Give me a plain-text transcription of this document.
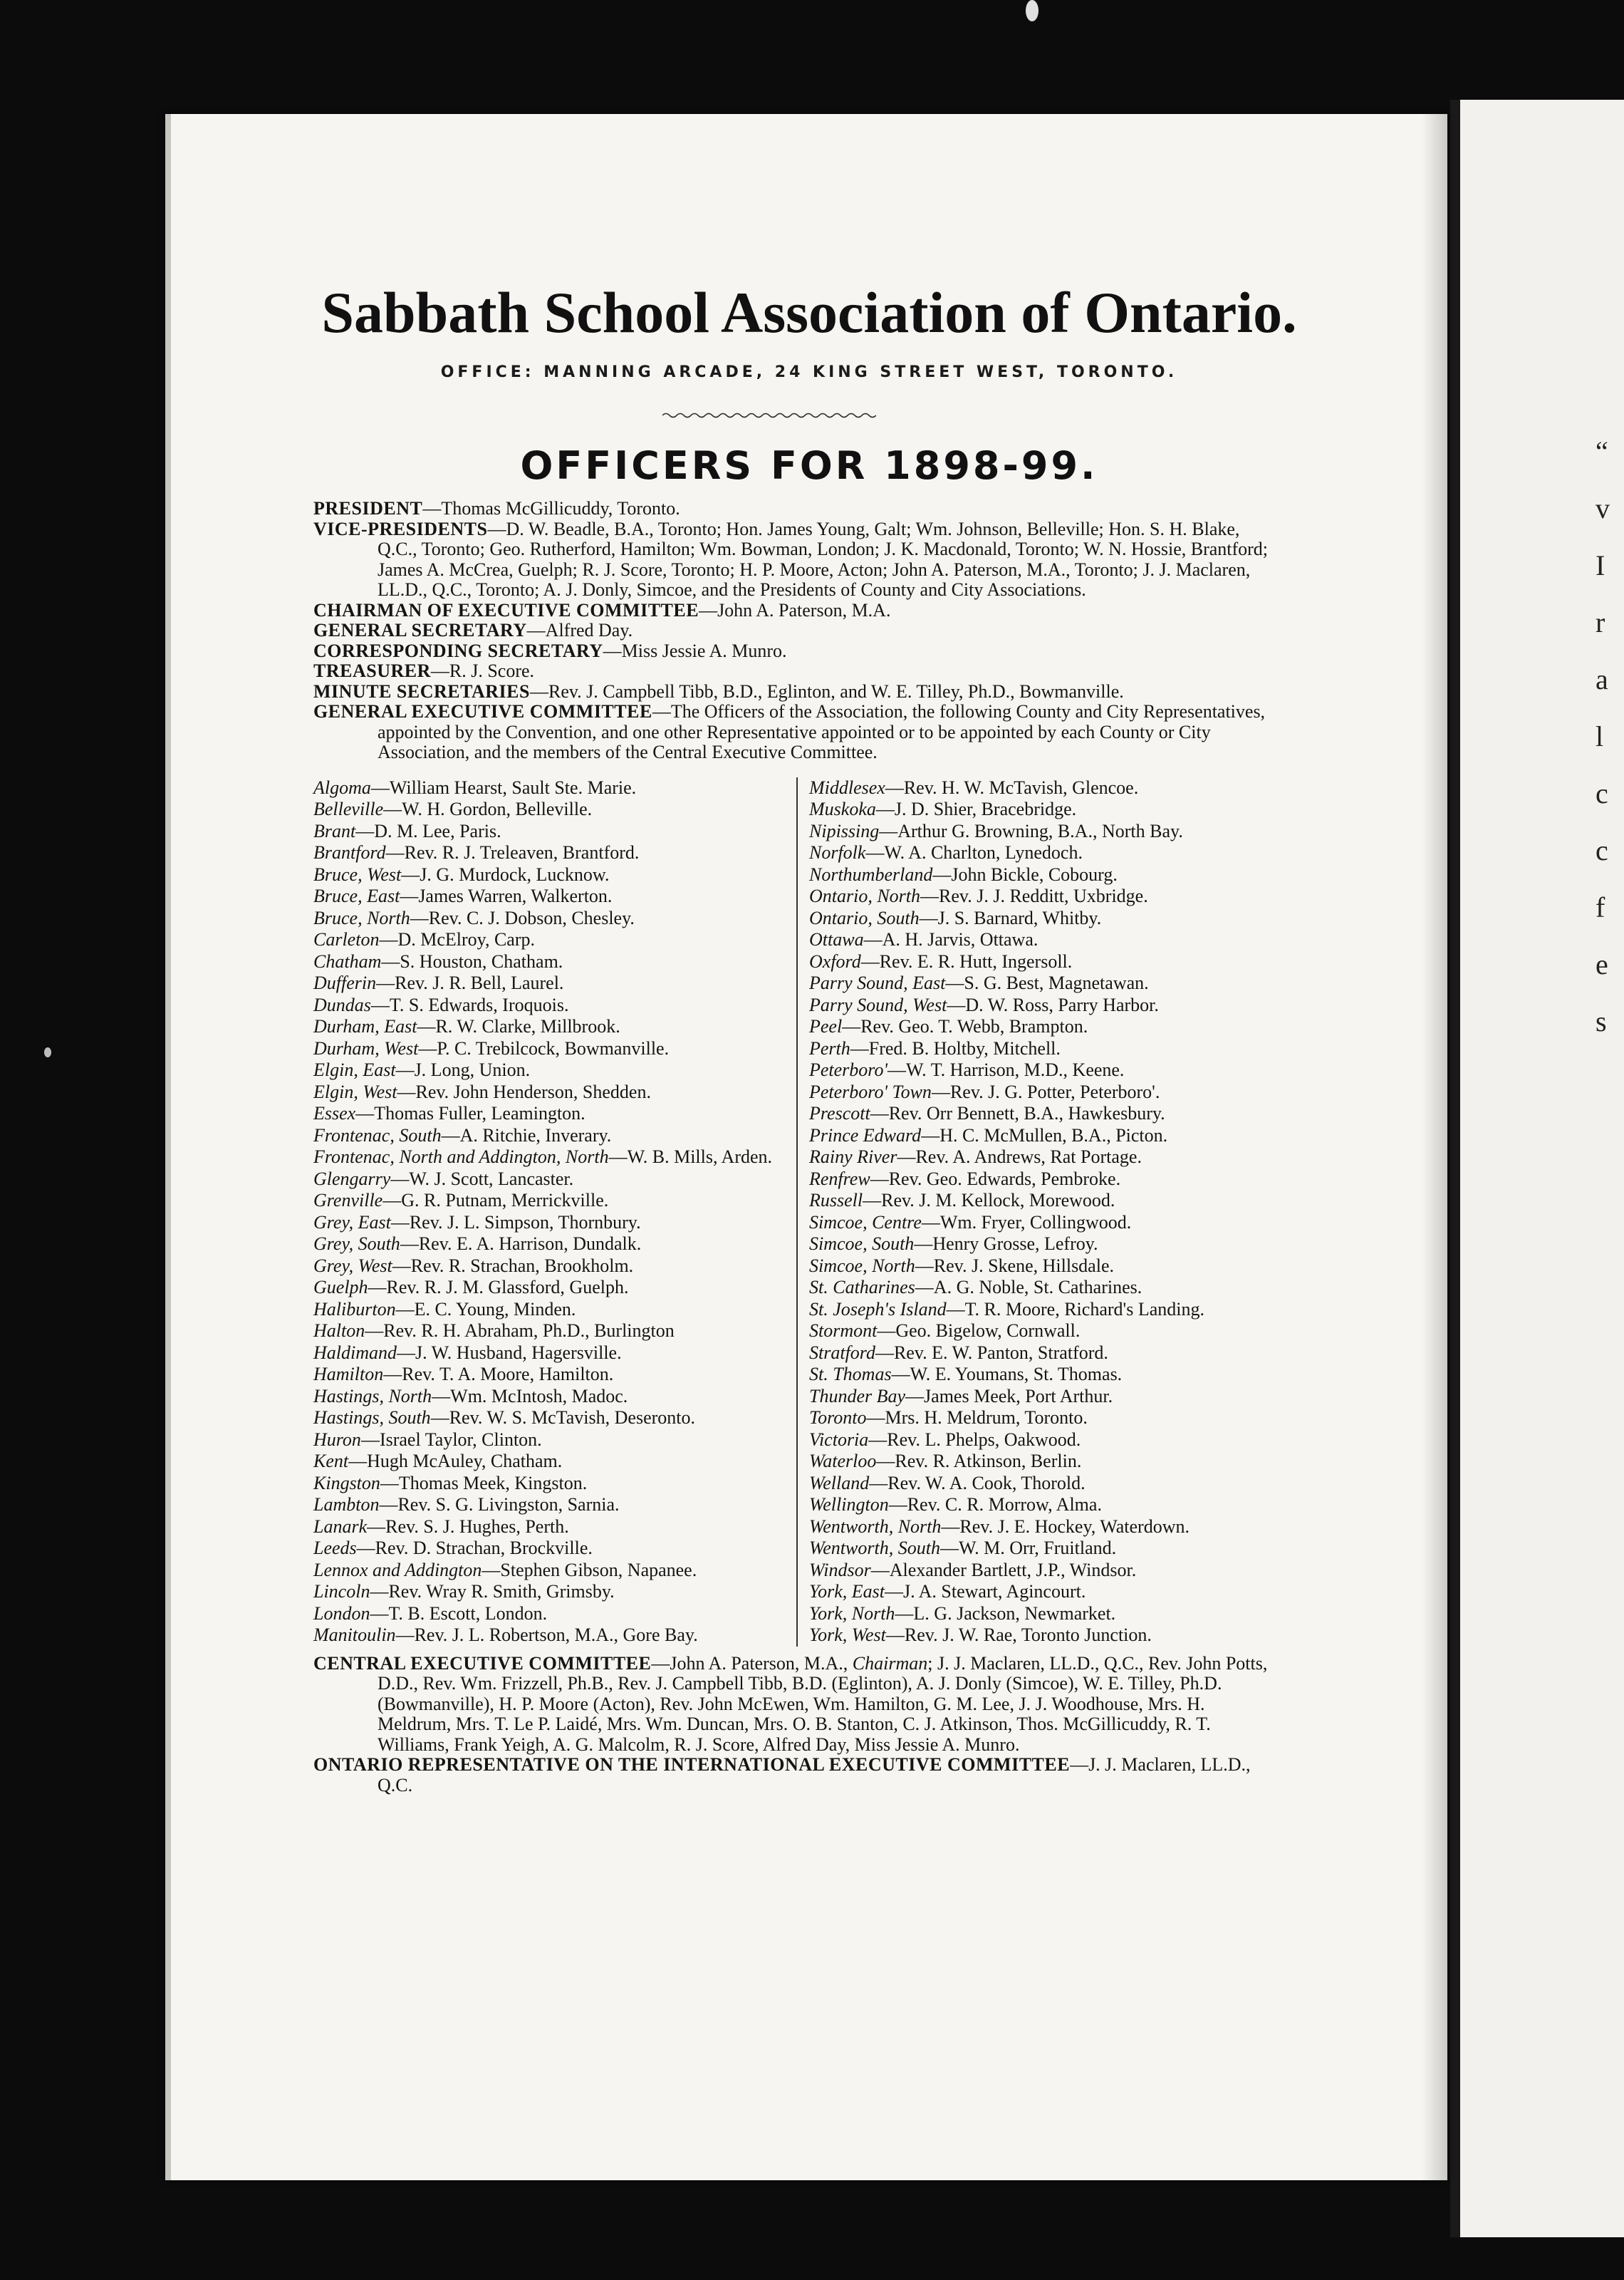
“
v
I
r
a
l
c
c
f
e
s
Sabbath School Association of Ontario.
OFFICE: MANNING ARCADE, 24 KING STREET WEST, TORONTO.
OFFICERS FOR 1898-99.

PRESIDENT—Thomas McGillicuddy, Toronto.

VICE-PRESIDENTS—D. W. Beadle, B.A., Toronto; Hon. James Young, Galt; Wm. Johnson, Belleville; Hon. S. H. Blake, Q.C., Toronto; Geo. Rutherford, Hamilton; Wm. Bowman, London; J. K. Macdonald, Toronto; W. N. Hossie, Brantford; James A. McCrea, Guelph; R. J. Score, Toronto; H. P. Moore, Acton; John A. Paterson, M.A., Toronto; J. J. Maclaren, LL.D., Q.C., Toronto; A. J. Donly, Simcoe, and the Presidents of County and City Associations.

CHAIRMAN OF EXECUTIVE COMMITTEE—John A. Paterson, M.A.

GENERAL SECRETARY—Alfred Day.

CORRESPONDING SECRETARY—Miss Jessie A. Munro.

TREASURER—R. J. Score.

MINUTE SECRETARIES—Rev. J. Campbell Tibb, B.D., Eglinton, and W. E. Tilley, Ph.D., Bowmanville.

GENERAL EXECUTIVE COMMITTEE—The Officers of the Association, the following County and City Representatives, appointed by the Convention, and one other Representative appointed or to be appointed by each County or City Association, and the members of the Central Executive Committee.

Algoma—William Hearst, Sault Ste. Marie.

Belleville—W. H. Gordon, Belleville.

Brant—D. M. Lee, Paris.

Brantford—Rev. R. J. Treleaven, Brantford.

Bruce, West—J. G. Murdock, Lucknow.

Bruce, East—James Warren, Walkerton.

Bruce, North—Rev. C. J. Dobson, Chesley.

Carleton—D. McElroy, Carp.

Chatham—S. Houston, Chatham.

Dufferin—Rev. J. R. Bell, Laurel.

Dundas—T. S. Edwards, Iroquois.

Durham, East—R. W. Clarke, Millbrook.

Durham, West—P. C. Trebilcock, Bowmanville.

Elgin, East—J. Long, Union.

Elgin, West—Rev. John Henderson, Shedden.

Essex—Thomas Fuller, Leamington.

Frontenac, South—A. Ritchie, Inverary.

Frontenac, North and Addington, North—W. B. Mills, Arden.

Glengarry—W. J. Scott, Lancaster.

Grenville—G. R. Putnam, Merrickville.

Grey, East—Rev. J. L. Simpson, Thornbury.

Grey, South—Rev. E. A. Harrison, Dundalk.

Grey, West—Rev. R. Strachan, Brookholm.

Guelph—Rev. R. J. M. Glassford, Guelph.

Haliburton—E. C. Young, Minden.

Halton—Rev. R. H. Abraham, Ph.D., Burlington

Haldimand—J. W. Husband, Hagersville.

Hamilton—Rev. T. A. Moore, Hamilton.

Hastings, North—Wm. McIntosh, Madoc.

Hastings, South—Rev. W. S. McTavish, Deseronto.

Huron—Israel Taylor, Clinton.

Kent—Hugh McAuley, Chatham.

Kingston—Thomas Meek, Kingston.

Lambton—Rev. S. G. Livingston, Sarnia.

Lanark—Rev. S. J. Hughes, Perth.

Leeds—Rev. D. Strachan, Brockville.

Lennox and Addington—Stephen Gibson, Napanee.

Lincoln—Rev. Wray R. Smith, Grimsby.

London—T. B. Escott, London.

Manitoulin—Rev. J. L. Robertson, M.A., Gore Bay.

Middlesex—Rev. H. W. McTavish, Glencoe.

Muskoka—J. D. Shier, Bracebridge.

Nipissing—Arthur G. Browning, B.A., North Bay.

Norfolk—W. A. Charlton, Lynedoch.

Northumberland—John Bickle, Cobourg.

Ontario, North—Rev. J. J. Redditt, Uxbridge.

Ontario, South—J. S. Barnard, Whitby.

Ottawa—A. H. Jarvis, Ottawa.

Oxford—Rev. E. R. Hutt, Ingersoll.

Parry Sound, East—S. G. Best, Magnetawan.

Parry Sound, West—D. W. Ross, Parry Harbor.

Peel—Rev. Geo. T. Webb, Brampton.

Perth—Fred. B. Holtby, Mitchell.

Peterboro'—W. T. Harrison, M.D., Keene.

Peterboro' Town—Rev. J. G. Potter, Peterboro'.

Prescott—Rev. Orr Bennett, B.A., Hawkesbury.

Prince Edward—H. C. McMullen, B.A., Picton.

Rainy River—Rev. A. Andrews, Rat Portage.

Renfrew—Rev. Geo. Edwards, Pembroke.

Russell—Rev. J. M. Kellock, Morewood.

Simcoe, Centre—Wm. Fryer, Collingwood.

Simcoe, South—Henry Grosse, Lefroy.

Simcoe, North—Rev. J. Skene, Hillsdale.

St. Catharines—A. G. Noble, St. Catharines.

St. Joseph's Island—T. R. Moore, Richard's Landing.

Stormont—Geo. Bigelow, Cornwall.

Stratford—Rev. E. W. Panton, Stratford.

St. Thomas—W. E. Youmans, St. Thomas.

Thunder Bay—James Meek, Port Arthur.

Toronto—Mrs. H. Meldrum, Toronto.

Victoria—Rev. L. Phelps, Oakwood.

Waterloo—Rev. R. Atkinson, Berlin.

Welland—Rev. W. A. Cook, Thorold.

Wellington—Rev. C. R. Morrow, Alma.

Wentworth, North—Rev. J. E. Hockey, Waterdown.

Wentworth, South—W. M. Orr, Fruitland.

Windsor—Alexander Bartlett, J.P., Windsor.

York, East—J. A. Stewart, Agincourt.

York, North—L. G. Jackson, Newmarket.

York, West—Rev. J. W. Rae, Toronto Junction.

CENTRAL EXECUTIVE COMMITTEE—John A. Paterson, M.A., Chairman; J. J. Maclaren, LL.D., Q.C., Rev. John Potts, D.D., Rev. Wm. Frizzell, Ph.B., Rev. J. Campbell Tibb, B.D. (Eglinton), A. J. Donly (Simcoe), W. E. Tilley, Ph.D. (Bowmanville), H. P. Moore (Acton), Rev. John McEwen, Wm. Hamilton, G. M. Lee, J. J. Woodhouse, Mrs. H. Meldrum, Mrs. T. Le P. Laidé, Mrs. Wm. Duncan, Mrs. O. B. Stanton, C. J. Atkinson, Thos. McGillicuddy, R. T. Williams, Frank Yeigh, A. G. Malcolm, R. J. Score, Alfred Day, Miss Jessie A. Munro.

ONTARIO REPRESENTATIVE ON THE INTERNATIONAL EXECUTIVE COMMITTEE—J. J. Maclaren, LL.D., Q.C.
